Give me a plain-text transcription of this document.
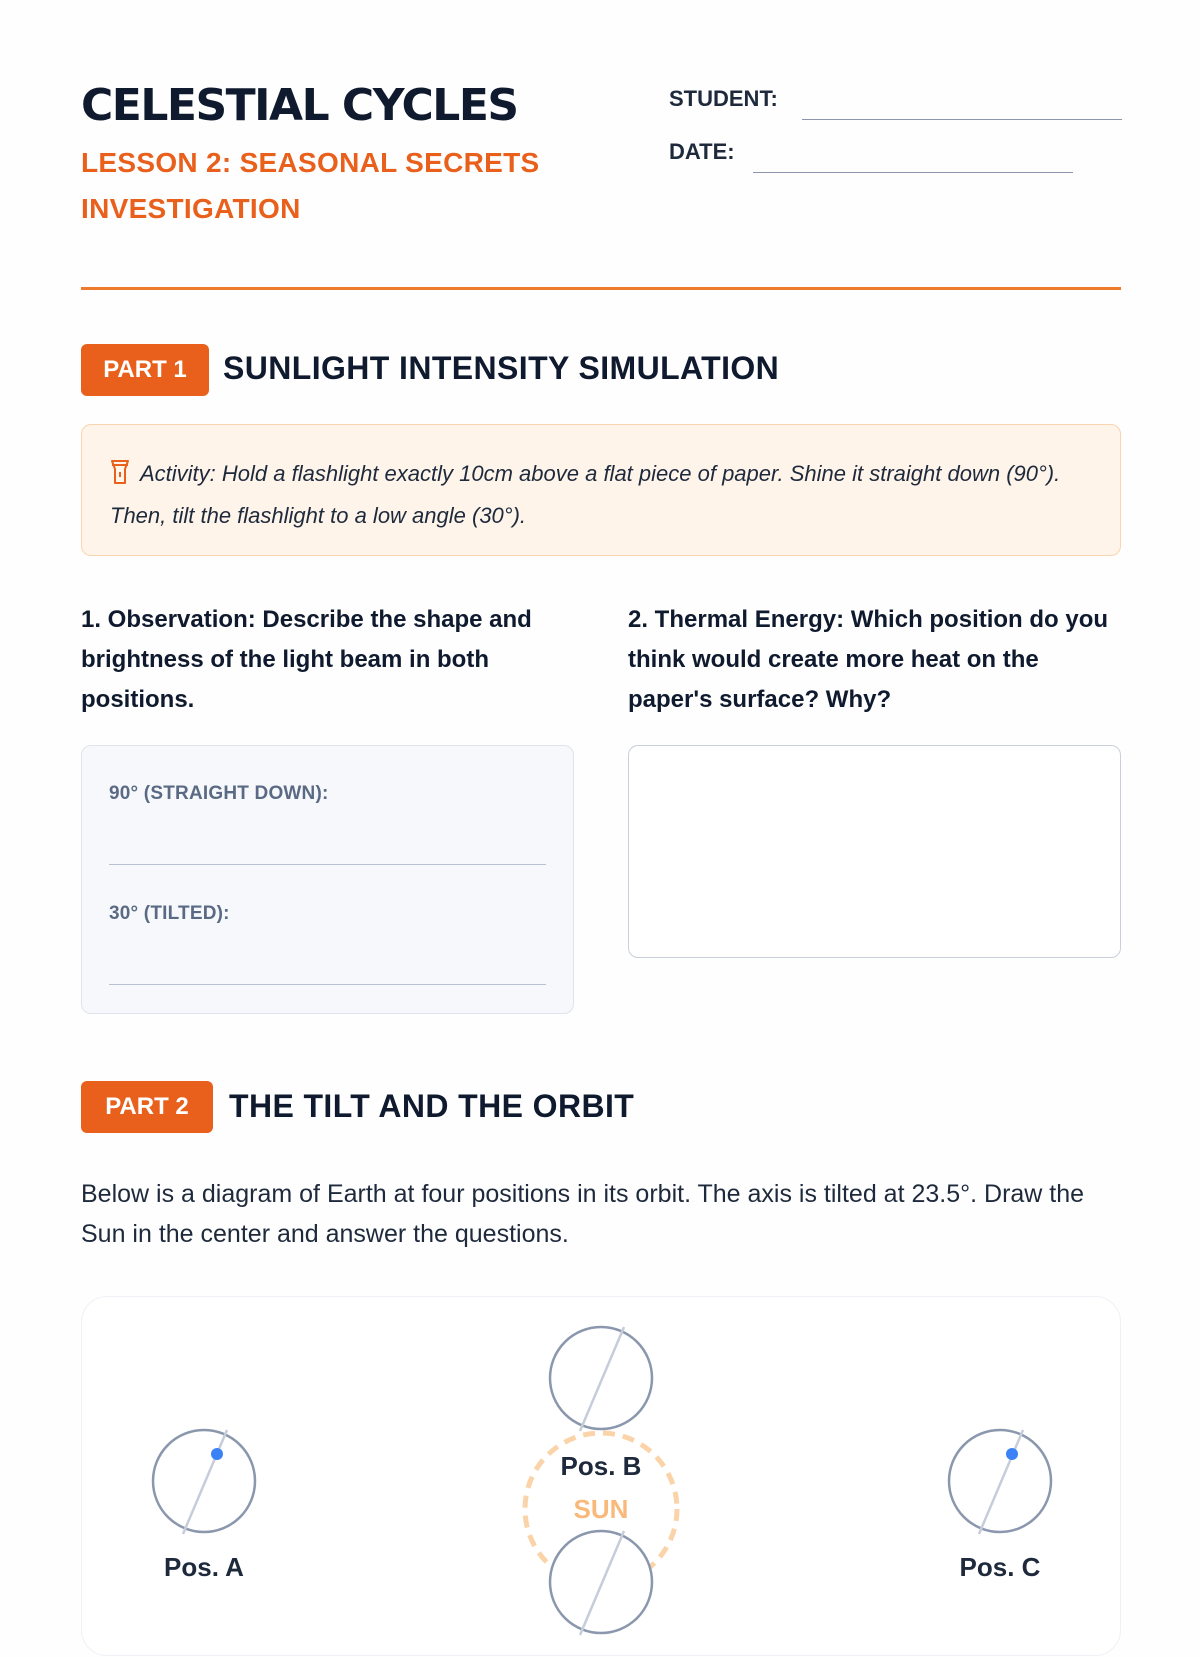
CELESTIAL CYCLES
LESSON 2: SEASONAL SECRETS INVESTIGATION
STUDENT:
DATE:
PART 1	SUNLIGHT INTENSITY SIMULATION
Activity: Hold a flashlight exactly 10cm above a flat piece of paper. Shine it straight down (90°). Then, tilt the flashlight to a low angle (30°).
1. Observation: Describe the shape and brightness of the light beam in both positions.
2. Thermal Energy: Which position do you think would create more heat on the paper's surface? Why?
90° (STRAIGHT DOWN):
30° (TILTED):
PART 2	THE TILT AND THE ORBIT
Below is a diagram of Earth at four positions in its orbit. The axis is tilted at 23.5°. Draw the Sun in the center and answer the questions.
Pos. B
SUN
Pos. A	Pos. C
